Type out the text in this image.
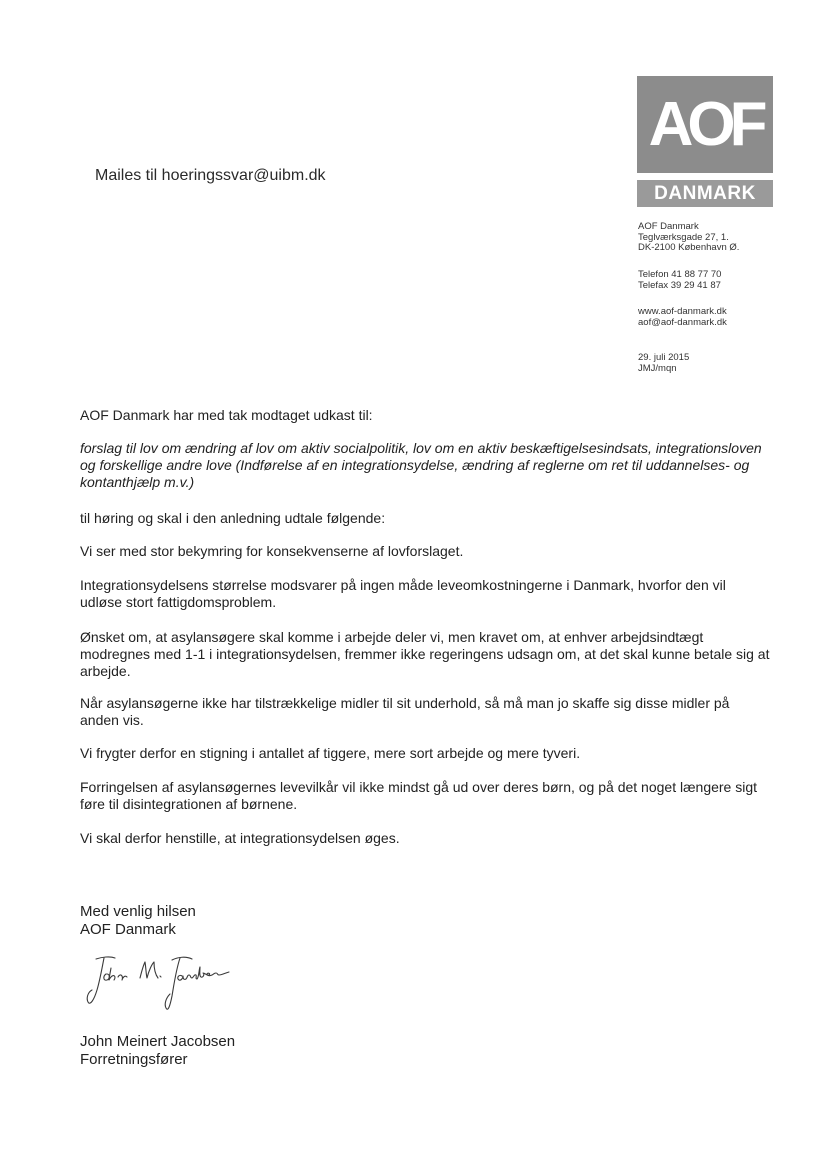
AOF
DANMARK
Mailes til hoeringssvar@uibm.dk
AOF Danmark
Teglværksgade 27, 1.
DK-2100 København Ø.
Telefon 41 88 77 70
Telefax 39 29 41 87
www.aof-danmark.dk
aof@aof-danmark.dk
29. juli 2015
JMJ/mqn
AOF Danmark har med tak modtaget udkast til:
forslag til lov om ændring af lov om aktiv socialpolitik, lov om en aktiv beskæftigelsesindsats, integrationsloven og forskellige andre love (Indførelse af en integrationsydelse, ændring af reglerne om ret til uddannelses- og kontanthjælp m.v.)
til høring og skal i den anledning udtale følgende:
Vi ser med stor bekymring for konsekvenserne af lovforslaget.
Integrationsydelsens størrelse modsvarer på ingen måde leveomkostningerne i Danmark, hvorfor den vil udløse stort fattigdomsproblem.
Ønsket om, at asylansøgere skal komme i arbejde deler vi, men kravet om, at enhver arbejdsindtægt modregnes med 1-1 i integrationsydelsen, fremmer ikke regeringens udsagn om, at det skal kunne betale sig at arbejde.
Når asylansøgerne ikke har tilstrækkelige midler til sit underhold, så må man jo skaffe sig disse midler på anden vis.
Vi frygter derfor en stigning i antallet af tiggere, mere sort arbejde og mere tyveri.
Forringelsen af asylansøgernes levevilkår vil ikke mindst gå ud over deres børn, og på det noget længere sigt føre til disintegrationen af børnene.
Vi skal derfor henstille, at integrationsydelsen øges.
Med venlig hilsen
AOF Danmark
John Meinert Jacobsen
Forretningsfører
